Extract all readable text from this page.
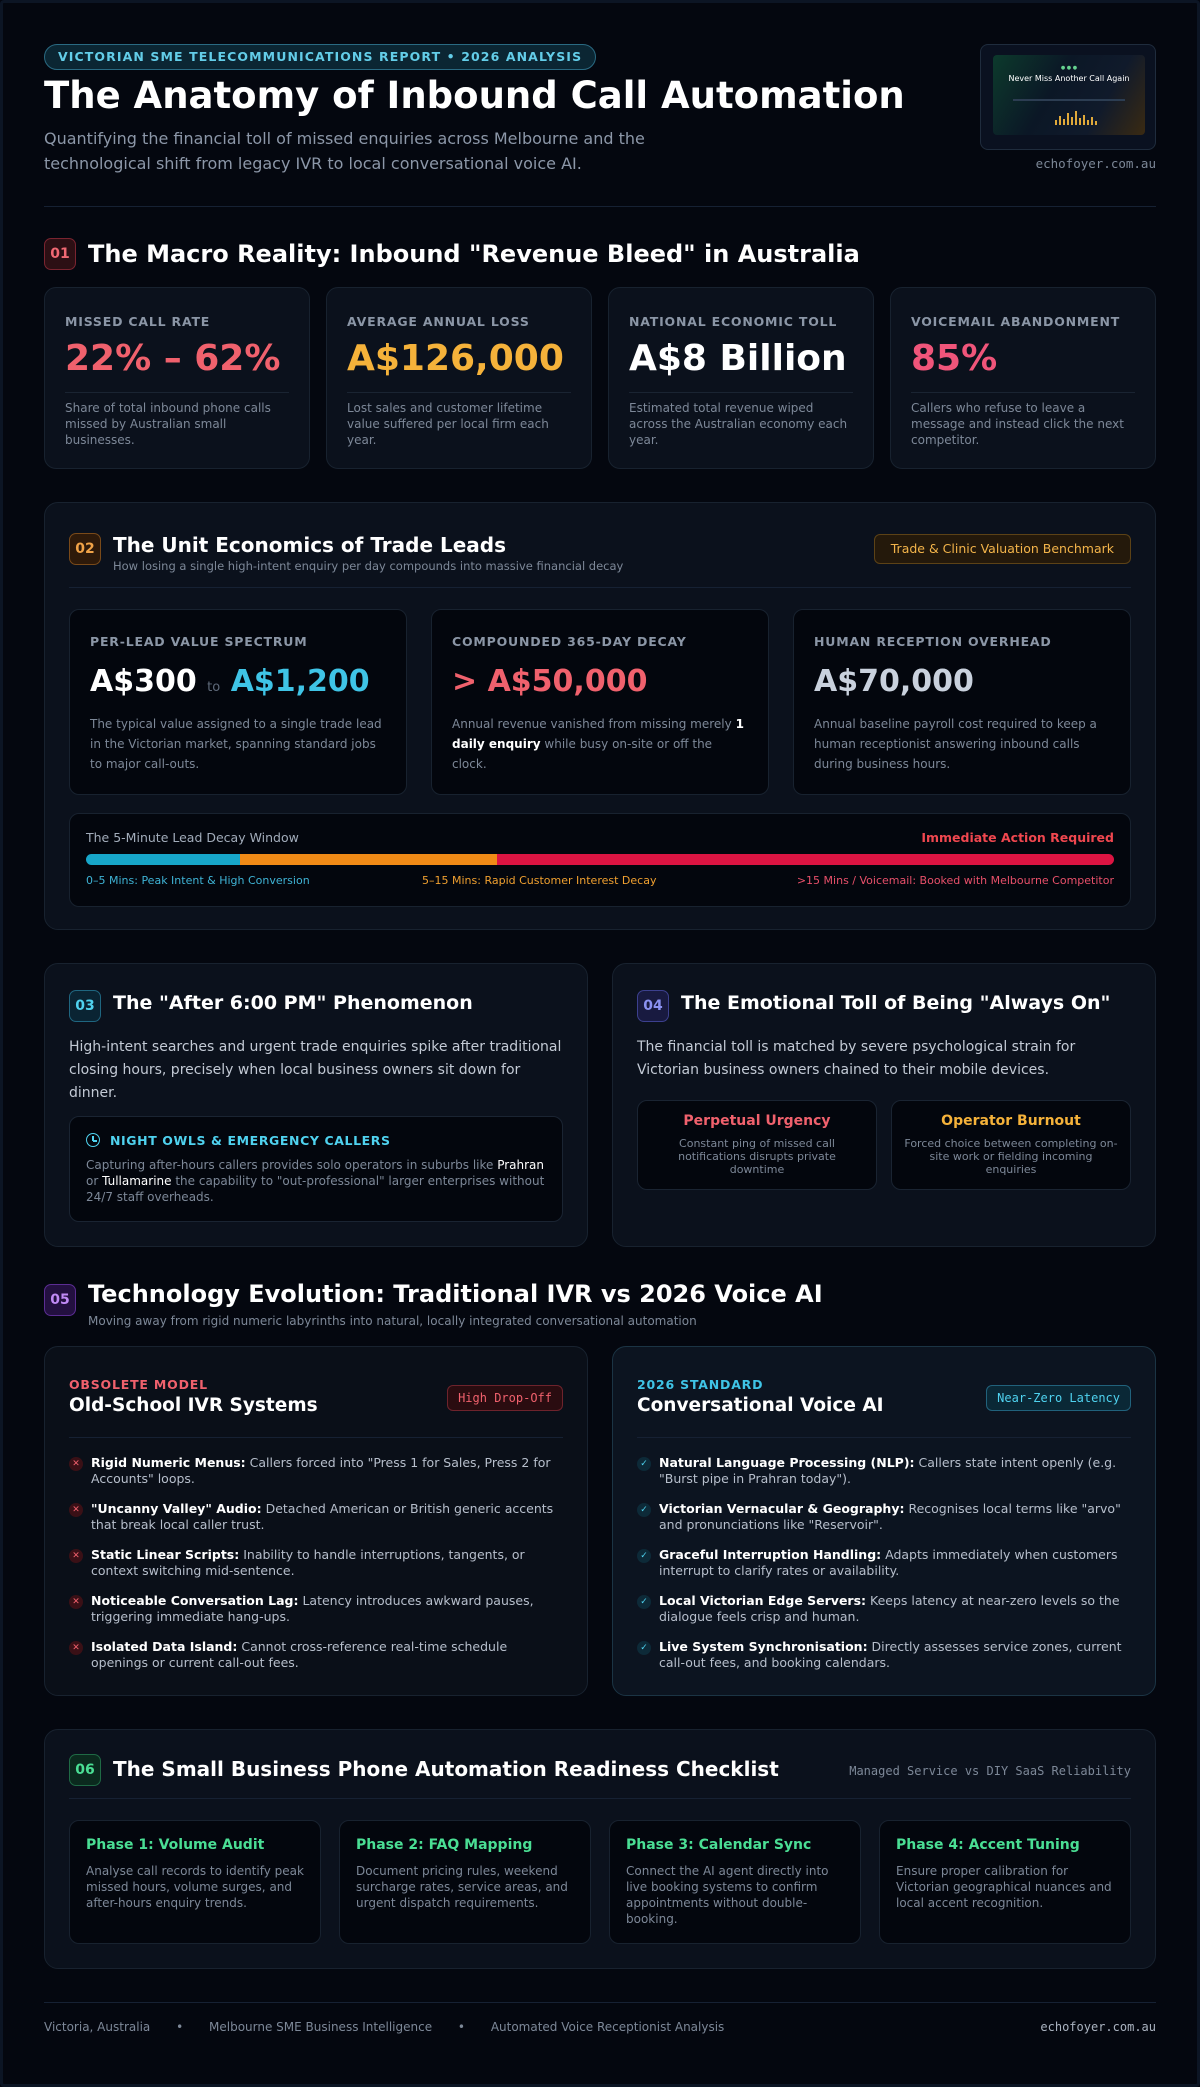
VICTORIAN SME TELECOMMUNICATIONS REPORT • 2026 ANALYSIS
The Anatomy of Inbound Call Automation
Quantifying the financial toll of missed enquiries across Melbourne and the technological shift from legacy IVR to local conversational voice AI.
● ● ●
Never Miss Another Call Again
echofoyer.com.au
01 The Macro Reality: Inbound "Revenue Bleed" in Australia
MISSED CALL RATE
22% – 62%
Share of total inbound phone calls missed by Australian small businesses.
AVERAGE ANNUAL LOSS
A$126,000
Lost sales and customer lifetime value suffered per local firm each year.
NATIONAL ECONOMIC TOLL
A$8 Billion
Estimated total revenue wiped across the Australian economy each year.
VOICEMAIL ABANDONMENT
85%
Callers who refuse to leave a message and instead click the next competitor.
02 The Unit Economics of Trade Leads
How losing a single high-intent enquiry per day compounds into massive financial decay
Trade & Clinic Valuation Benchmark
PER-LEAD VALUE SPECTRUM
A$300 to A$1,200
The typical value assigned to a single trade lead in the Victorian market, spanning standard jobs to major call-outs.
COMPOUNDED 365-DAY DECAY
> A$50,000
Annual revenue vanished from missing merely 1 daily enquiry while busy on-site or off the clock.
HUMAN RECEPTION OVERHEAD
A$70,000
Annual baseline payroll cost required to keep a human receptionist answering inbound calls during business hours.
The 5-Minute Lead Decay Window	Immediate Action Required
0–5 Mins: Peak Intent & High Conversion	5–15 Mins: Rapid Customer Interest Decay	>15 Mins / Voicemail: Booked with Melbourne Competitor
03 The "After 6:00 PM" Phenomenon
High-intent searches and urgent trade enquiries spike after traditional closing hours, precisely when local business owners sit down for dinner.
NIGHT OWLS & EMERGENCY CALLERS
Capturing after-hours callers provides solo operators in suburbs like Prahran or Tullamarine the capability to "out-professional" larger enterprises without 24/7 staff overheads.
04 The Emotional Toll of Being "Always On"
The financial toll is matched by severe psychological strain for Victorian business owners chained to their mobile devices.
Perpetual Urgency
Constant ping of missed call notifications disrupts private downtime
Operator Burnout
Forced choice between completing on-site work or fielding incoming enquiries
05 Technology Evolution: Traditional IVR vs 2026 Voice AI
Moving away from rigid numeric labyrinths into natural, locally integrated conversational automation
OBSOLETE MODEL
Old-School IVR Systems	High Drop-Off
✕ Rigid Numeric Menus: Callers forced into "Press 1 for Sales, Press 2 for Accounts" loops.
✕ "Uncanny Valley" Audio: Detached American or British generic accents that break local caller trust.
✕ Static Linear Scripts: Inability to handle interruptions, tangents, or context switching mid-sentence.
✕ Noticeable Conversation Lag: Latency introduces awkward pauses, triggering immediate hang-ups.
✕ Isolated Data Island: Cannot cross-reference real-time schedule openings or current call-out fees.
2026 STANDARD
Conversational Voice AI	Near-Zero Latency
✓ Natural Language Processing (NLP): Callers state intent openly (e.g. "Burst pipe in Prahran today").
✓ Victorian Vernacular & Geography: Recognises local terms like "arvo" and pronunciations like "Reservoir".
✓ Graceful Interruption Handling: Adapts immediately when customers interrupt to clarify rates or availability.
✓ Local Victorian Edge Servers: Keeps latency at near-zero levels so the dialogue feels crisp and human.
✓ Live System Synchronisation: Directly assesses service zones, current call-out fees, and booking calendars.
06 The Small Business Phone Automation Readiness Checklist	Managed Service vs DIY SaaS Reliability
Phase 1: Volume Audit
Analyse call records to identify peak missed hours, volume surges, and after-hours enquiry trends.
Phase 2: FAQ Mapping
Document pricing rules, weekend surcharge rates, service areas, and urgent dispatch requirements.
Phase 3: Calendar Sync
Connect the AI agent directly into live booking systems to confirm appointments without double-booking.
Phase 4: Accent Tuning
Ensure proper calibration for Victorian geographical nuances and local accent recognition.
Victoria, Australia • Melbourne SME Business Intelligence • Automated Voice Receptionist Analysis	echofoyer.com.au
